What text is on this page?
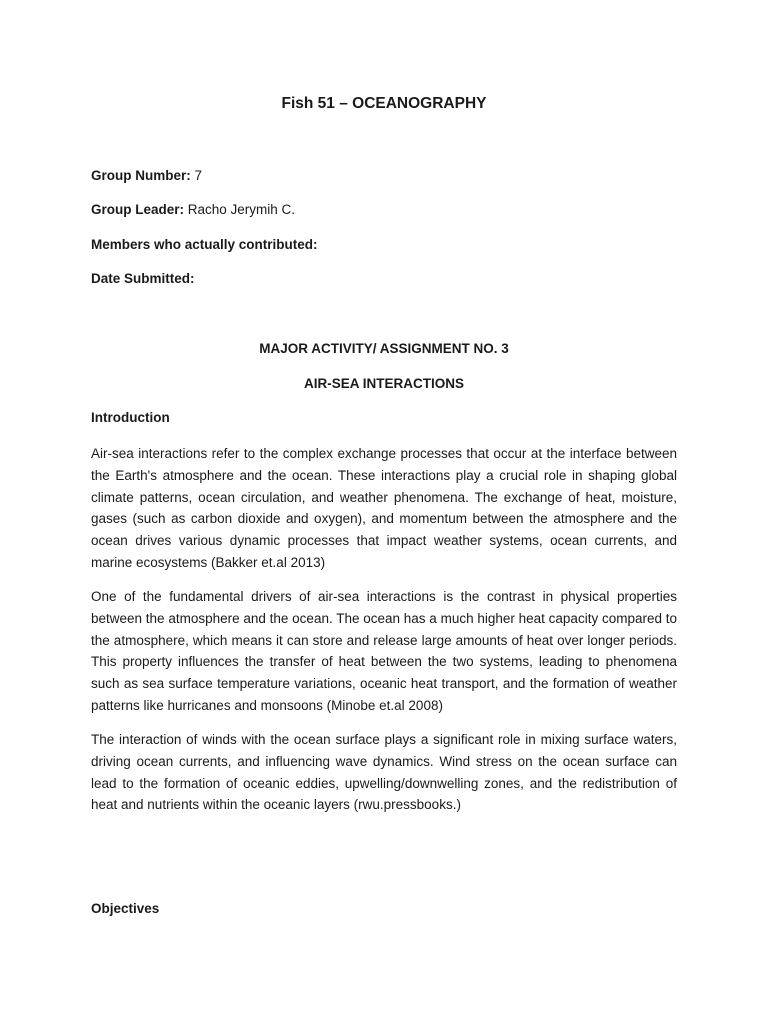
Fish 51 – OCEANOGRAPHY
Group Number: 7
Group Leader: Racho Jerymih C.
Members who actually contributed:
Date Submitted:
MAJOR ACTIVITY/ ASSIGNMENT NO. 3
AIR-SEA INTERACTIONS
Introduction

Air-sea interactions refer to the complex exchange processes that occur at the interface between the Earth's atmosphere and the ocean. These interactions play a crucial role in shaping global climate patterns, ocean circulation, and weather phenomena. The exchange of heat, moisture, gases (such as carbon dioxide and oxygen), and momentum between the atmosphere and the ocean drives various dynamic processes that impact weather systems, ocean currents, and marine ecosystems (Bakker et.al 2013)

One of the fundamental drivers of air-sea interactions is the contrast in physical properties between the atmosphere and the ocean. The ocean has a much higher heat capacity compared to the atmosphere, which means it can store and release large amounts of heat over longer periods. This property influences the transfer of heat between the two systems, leading to phenomena such as sea surface temperature variations, oceanic heat transport, and the formation of weather patterns like hurricanes and monsoons (Minobe et.al 2008)

The interaction of winds with the ocean surface plays a significant role in mixing surface waters, driving ocean currents, and influencing wave dynamics. Wind stress on the ocean surface can lead to the formation of oceanic eddies, upwelling/downwelling zones, and the redistribution of heat and nutrients within the oceanic layers (rwu.pressbooks.)

Objectives
